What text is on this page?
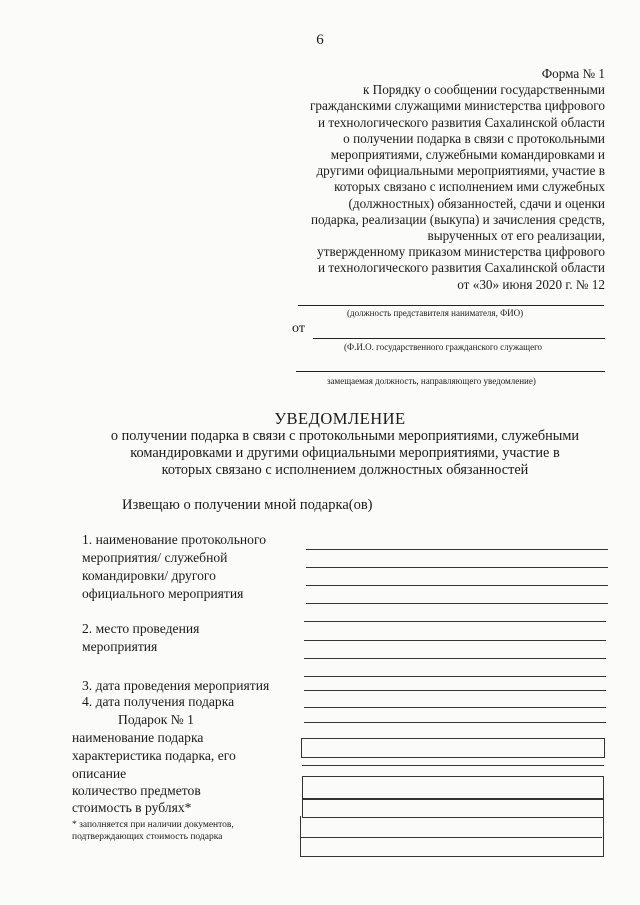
6
Форма № 1
к Порядку о сообщении государственными
гражданскими служащими министерства цифрового
и технологического развития Сахалинской области
о получении подарка в связи с протокольными
мероприятиями, служебными командировками и
другими официальными мероприятиями, участие в
которых связано с исполнением ими служебных
(должностных) обязанностей, сдачи и оценки
подарка, реализации (выкупа) и зачисления средств,
вырученных от его реализации,
утвержденному приказом министерства цифрового
и технологического развития Сахалинской области
от «30» июня 2020 г. № 12
(должность представителя нанимателя, ФИО)
от
(Ф.И.О. государственного гражданского служащего
замещаемая должность, направляющего уведомление)
УВЕДОМЛЕНИЕ
о получении подарка в связи с протокольными мероприятиями, служебными
командировками и другими официальными мероприятиями, участие в
которых связано с исполнением должностных обязанностей
Извещаю о получении мной подарка(ов)
1. наименование протокольного
мероприятия/ служебной
командировки/ другого
официального мероприятия
2. место проведения
мероприятия
3. дата проведения мероприятия
4. дата получения подарка
Подарок № 1
наименование подарка
характеристика подарка, его
описание
количество предметов
стоимость в рублях*
* заполняется при наличии документов,
подтверждающих стоимость подарка
